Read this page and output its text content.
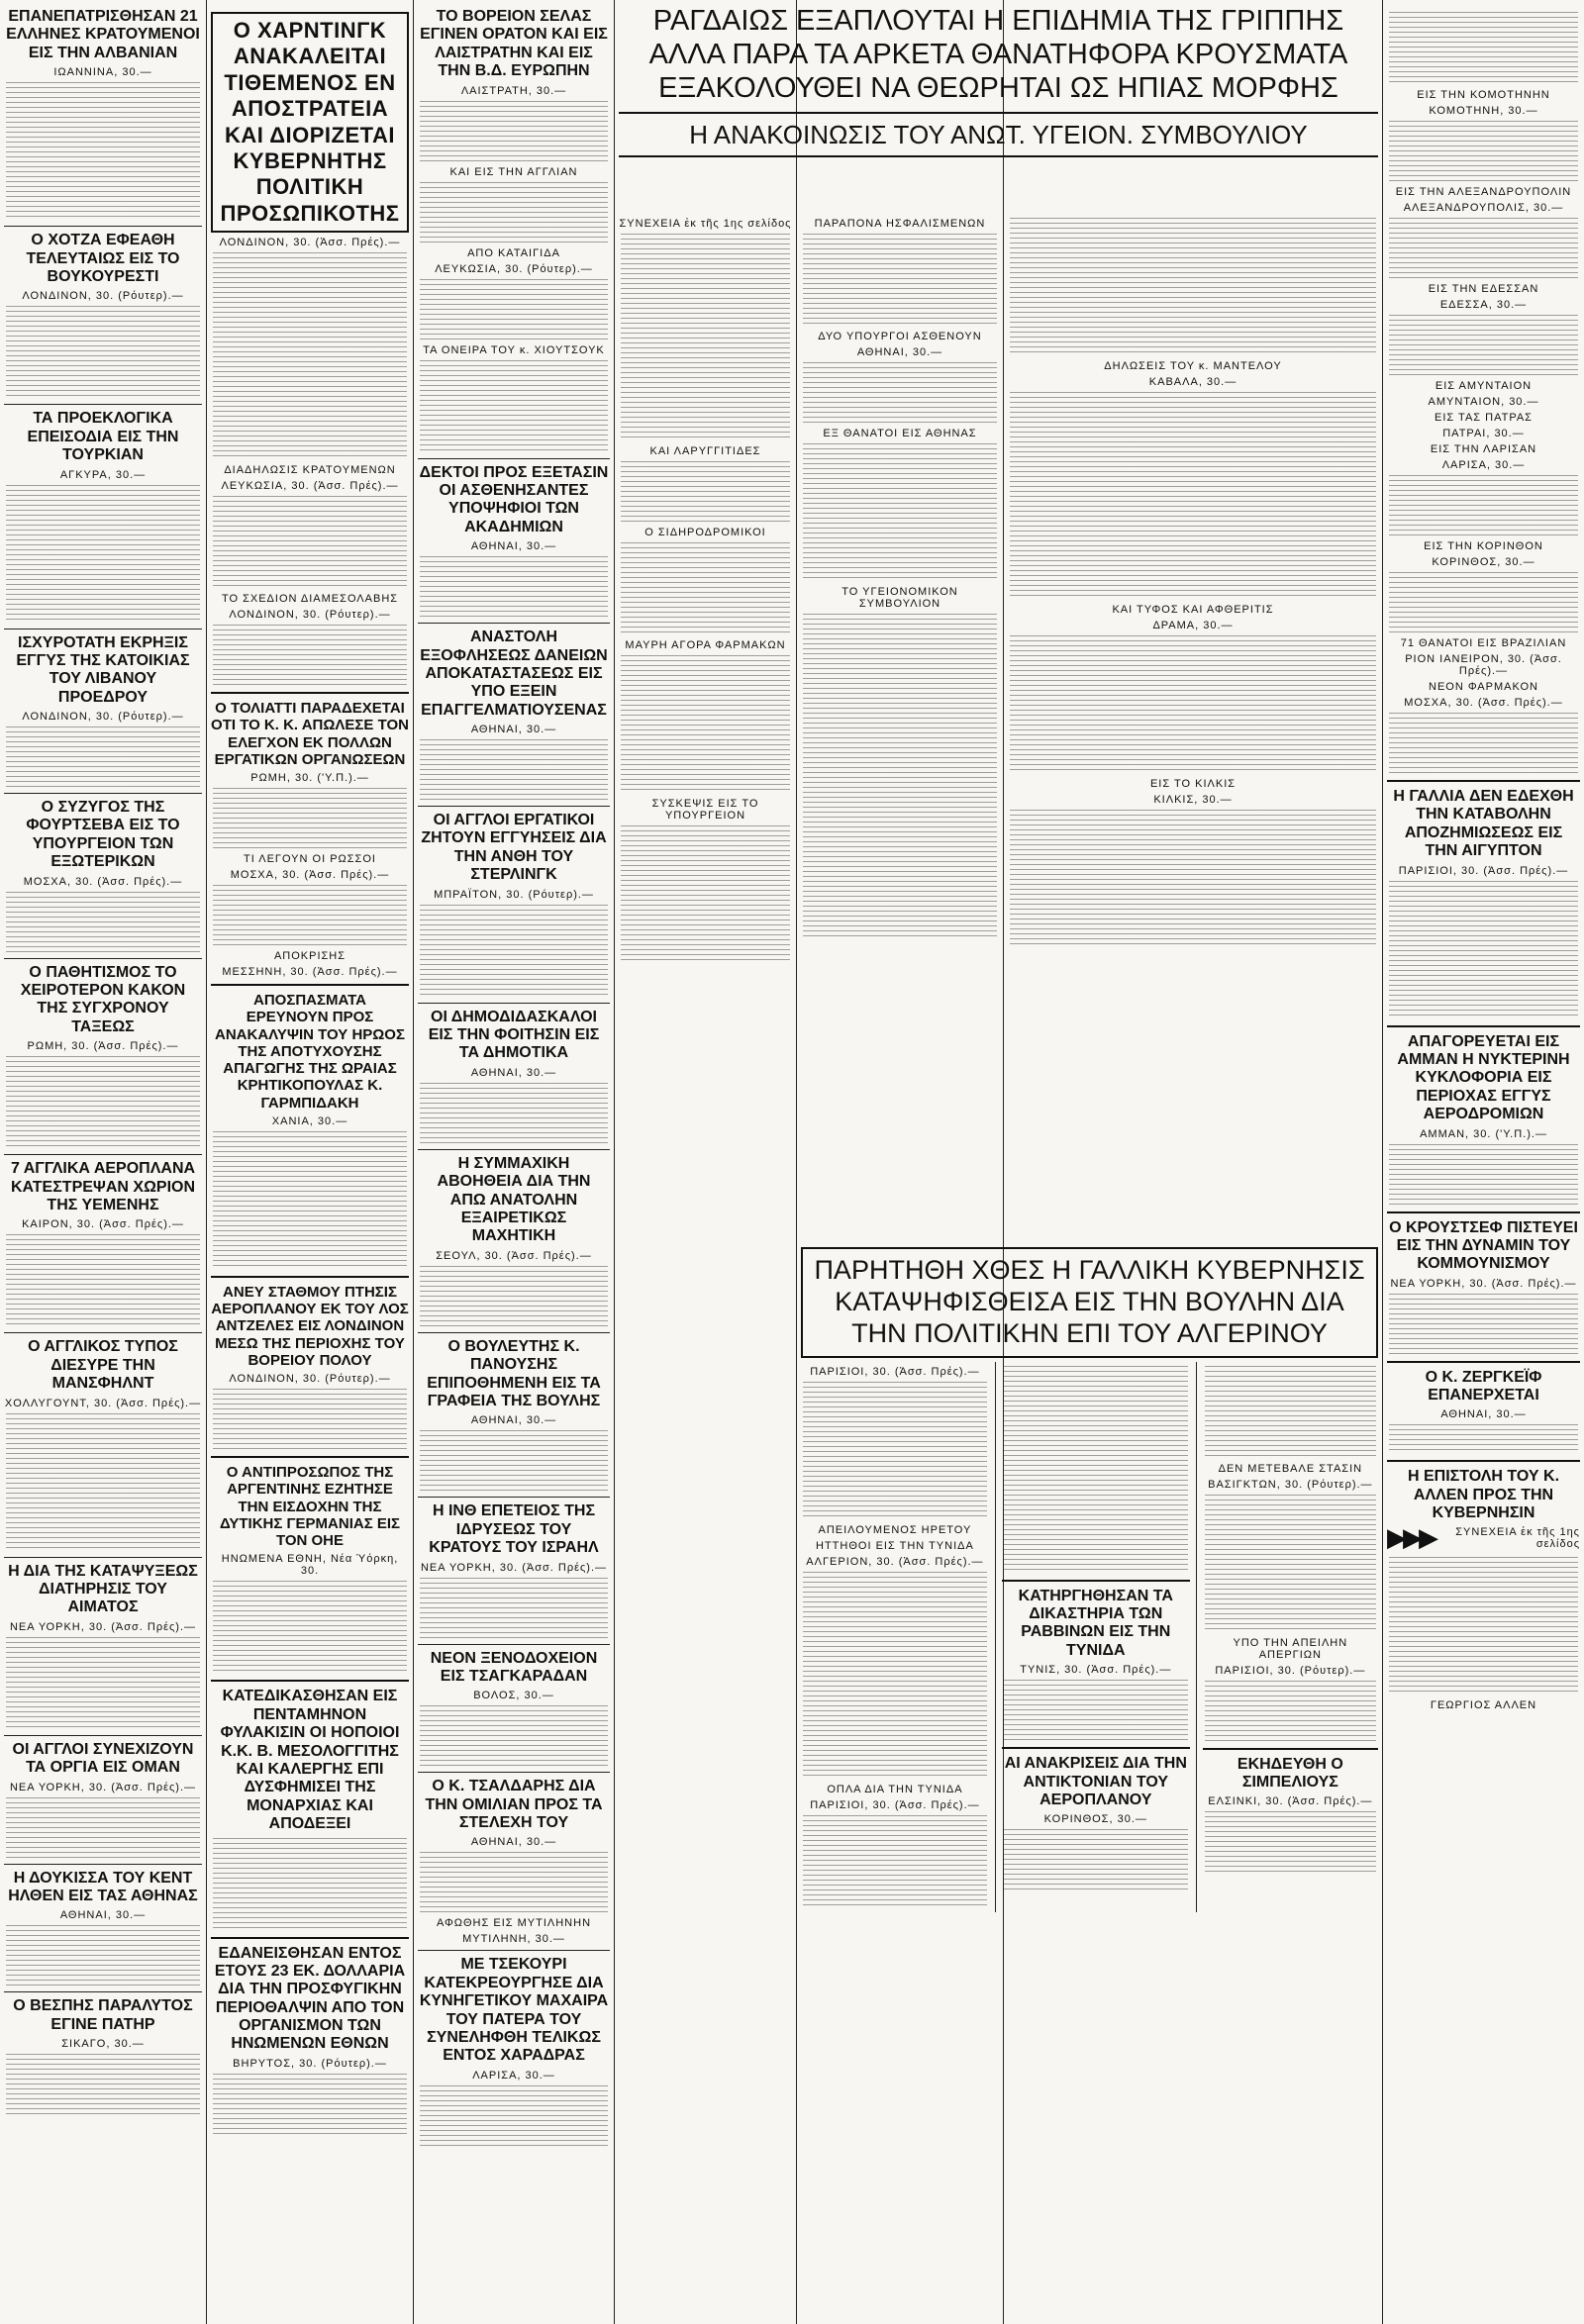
ΕΠΑΝΕΠΑΤΡΙΣΘΗΣΑΝ 21 ΕΛΛΗΝΕΣ ΚΡΑΤΟΥΜΕΝΟΙ ΕΙΣ ΤΗΝ ΑΛΒΑΝΙΑΝ
ΙΩΑΝΝΙΝΑ, 30.—
Ο ΧΟΤΖΑ ΕΦΕΑΘΗ ΤΕΛΕΥΤΑΙΩΣ ΕΙΣ ΤΟ ΒΟΥΚΟΥΡΕΣΤΙ
ΛΟΝΔΙΝΟΝ, 30. (Ρόυτερ).—
ΤΑ ΠΡΟΕΚΛΟΓΙΚΑ ΕΠΕΙΣΟΔΙΑ ΕΙΣ ΤΗΝ ΤΟΥΡΚΙΑΝ
ΑΓΚΥΡΑ, 30.—
ΙΣΧΥΡΟΤΑΤΗ ΕΚΡΗΞΙΣ ΕΓΓΥΣ ΤΗΣ ΚΑΤΟΙΚΙΑΣ ΤΟΥ ΛΙΒΑΝΟΥ ΠΡΟΕΔΡΟΥ
ΛΟΝΔΙΝΟΝ, 30. (Ρόυτερ).—
Ο ΣΥΖΥΓΟΣ ΤΗΣ ΦΟΥΡΤΣΕΒΑ ΕΙΣ ΤΟ ΥΠΟΥΡΓΕΙΟΝ ΤΩΝ ΕΞΩΤΕΡΙΚΩΝ
ΜΟΣΧΑ, 30. (Ἀσσ. Πρές).—
Ο ΠΑΘΗΤΙΣΜΟΣ ΤΟ ΧΕΙΡΟΤΕΡΟΝ ΚΑΚΟΝ ΤΗΣ ΣΥΓΧΡΟΝΟΥ ΤΑΞΕΩΣ
ΡΩΜΗ, 30. (Ἀσσ. Πρές).—
7 ΑΓΓΛΙΚΑ ΑΕΡΟΠΛΑΝΑ ΚΑΤΕΣΤΡΕΨΑΝ ΧΩΡΙΟΝ ΤΗΣ ΥΕΜΕΝΗΣ
ΚΑΙΡΟΝ, 30. (Ἀσσ. Πρές).—
Ο ΑΓΓΛΙΚΟΣ ΤΥΠΟΣ ΔΙΕΣΥΡΕ ΤΗΝ ΜΑΝΣΦΗΛΝΤ
ΧΟΛΛΥΓΟΥΝΤ, 30. (Ἀσσ. Πρές).—
Η ΔΙΑ ΤΗΣ ΚΑΤΑΨΥΞΕΩΣ ΔΙΑΤΗΡΗΣΙΣ ΤΟΥ ΑΙΜΑΤΟΣ
ΝΕΑ ΥΟΡΚΗ, 30. (Ἀσσ. Πρές).—
ΟΙ ΑΓΓΛΟΙ ΣΥΝΕΧΙΖΟΥΝ ΤΑ ΟΡΓΙΑ ΕΙΣ ΟΜΑΝ
ΝΕΑ ΥΟΡΚΗ, 30. (Ἀσσ. Πρές).—
Η ΔΟΥΚΙΣΣΑ ΤΟΥ ΚΕΝΤ ΗΛΘΕΝ ΕΙΣ ΤΑΣ ΑΘΗΝΑΣ
ΑΘΗΝΑΙ, 30.—
Ο ΒΕΣΠΗΣ ΠΑΡΑΛΥΤΟΣ ΕΓΙΝΕ ΠΑΤΗΡ
ΣΙΚΑΓΟ, 30.—
Ο ΧΑΡΝΤΙΝΓΚ ΑΝΑΚΑΛΕΙΤΑΙ ΤΙΘΕΜΕΝΟΣ ΕΝ ΑΠΟΣΤΡΑΤΕΙΑ ΚΑΙ ΔΙΟΡΙΖΕΤΑΙ ΚΥΒΕΡΝΗΤΗΣ ΠΟΛΙΤΙΚΗ ΠΡΟΣΩΠΙΚΟΤΗΣ
ΛΟΝΔΙΝΟΝ, 30. (Ἀσσ. Πρές).—
ΔΙΑΔΗΛΩΣΙΣ ΚΡΑΤΟΥΜΕΝΩΝ
ΛΕΥΚΩΣΙΑ, 30. (Ἀσσ. Πρές).—
ΤΟ ΣΧΕΔΙΟΝ ΔΙΑΜΕΣΟΛΑΒΗΣ
ΛΟΝΔΙΝΟΝ, 30. (Ρόυτερ).—
Ο ΤΟΛΙΑΤΤΙ ΠΑΡΑΔΕΧΕΤΑΙ ΟΤΙ ΤΟ Κ. Κ. ΑΠΩΛΕΣΕ ΤΟΝ ΕΛΕΓΧΟΝ ΕΚ ΠΟΛΛΩΝ ΕΡΓΑΤΙΚΩΝ ΟΡΓΑΝΩΣΕΩΝ
ΡΩΜΗ, 30. ('Υ.Π.).—
ΤΙ ΛΕΓΟΥΝ ΟΙ ΡΩΣΣΟΙ
ΜΟΣΧΑ, 30. (Ἀσσ. Πρές).—
ΑΠΟΚΡΙΣΗΣ
ΜΕΣΣΗΝΗ, 30. (Ἀσσ. Πρές).—
ΑΠΟΣΠΑΣΜΑΤΑ ΕΡΕΥΝΟΥΝ ΠΡΟΣ ΑΝΑΚΑΛΥΨΙΝ ΤΟΥ ΗΡΩΟΣ ΤΗΣ ΑΠΟΤΥΧΟΥΣΗΣ ΑΠΑΓΩΓΗΣ ΤΗΣ ΩΡΑΙΑΣ ΚΡΗΤΙΚΟΠΟΥΛΑΣ Κ. ΓΑΡΜΠΙΔΑΚΗ
ΧΑΝΙΑ, 30.—
ΑΝΕΥ ΣΤΑΘΜΟΥ ΠΤΗΣΙΣ ΑΕΡΟΠΛΑΝΟΥ ΕΚ ΤΟΥ ΛΟΣ ΑΝΤΖΕΛΕΣ ΕΙΣ ΛΟΝΔΙΝΟΝ ΜΕΣΩ ΤΗΣ ΠΕΡΙΟΧΗΣ ΤΟΥ ΒΟΡΕΙΟΥ ΠΟΛΟΥ
ΛΟΝΔΙΝΟΝ, 30. (Ρόυτερ).—
Ο ΑΝΤΙΠΡΟΣΩΠΟΣ ΤΗΣ ΑΡΓΕΝΤΙΝΗΣ ΕΖΗΤΗΣΕ ΤΗΝ ΕΙΣΔΟΧΗΝ ΤΗΣ ΔΥΤΙΚΗΣ ΓΕΡΜΑΝΙΑΣ ΕΙΣ ΤΟΝ ΟΗΕ
ΗΝΩΜΕΝΑ ΕΘΝΗ, Νέα Ὑόρκη, 30.
ΚΑΤΕΔΙΚΑΣΘΗΣΑΝ ΕΙΣ ΠΕΝΤΑΜΗΝΟΝ ΦΥΛΑΚΙΣΙΝ ΟΙ ΗΟΠΟΙΟΙ Κ.Κ. Β. ΜΕΣΟΛΟΓΓΙΤΗΣ ΚΑΙ ΚΑΛΕΡΓΗΣ ΕΠΙ ΔΥΣΦΗΜΙΣΕΙ ΤΗΣ ΜΟΝΑΡΧΙΑΣ ΚΑΙ ΑΠΟΔΕΞΕΙ
ΕΔΑΝΕΙΣΘΗΣΑΝ ΕΝΤΟΣ ΕΤΟΥΣ 23 ΕΚ. ΔΟΛΛΑΡΙΑ ΔΙΑ ΤΗΝ ΠΡΟΣΦΥΓΙΚΗΝ ΠΕΡΙΟΘΑΛΨΙΝ ΑΠΟ ΤΟΝ ΟΡΓΑΝΙΣΜΟΝ ΤΩΝ ΗΝΩΜΕΝΩΝ ΕΘΝΩΝ
ΒΗΡΥΤΟΣ, 30. (Ρόυτερ).—
ΤΟ ΒΟΡΕΙΟΝ ΣΕΛΑΣ ΕΓΙΝΕΝ ΟΡΑΤΟΝ ΚΑΙ ΕΙΣ ΛΑΙΣΤΡΑΤΗΝ ΚΑΙ ΕΙΣ ΤΗΝ Β.Δ. ΕΥΡΩΠΗΝ
ΛΑΙΣΤΡΑΤΗ, 30.—
ΚΑΙ ΕΙΣ ΤΗΝ ΑΓΓΛΙΑΝ
ΑΠΟ ΚΑΤΑΙΓΙΔΑ
ΛΕΥΚΩΣΙΑ, 30. (Ρόυτερ).—
ΤΑ ΟΝΕΙΡΑ ΤΟΥ κ. ΧΙΟΥΤΣΟΥΚ
ΔΕΚΤΟΙ ΠΡΟΣ ΕΞΕΤΑΣΙΝ ΟΙ ΑΣΘΕΝΗΣΑΝΤΕΣ ΥΠΟΨΗΦΙΟΙ ΤΩΝ ΑΚΑΔΗΜΙΩΝ
ΑΘΗΝΑΙ, 30.—
ΑΝΑΣΤΟΛΗ ΕΞΟΦΛΗΣΕΩΣ ΔΑΝΕΙΩΝ ΑΠΟΚΑΤΑΣΤΑΣΕΩΣ ΕΙΣ ΥΠΟ ΕΞΕΙΝ ΕΠΑΓΓΕΛΜΑΤΙΟΥΣΕΝΑΣ
ΑΘΗΝΑΙ, 30.—
ΟΙ ΑΓΓΛΟΙ ΕΡΓΑΤΙΚΟΙ ΖΗΤΟΥΝ ΕΓΓΥΗΣΕΙΣ ΔΙΑ ΤΗΝ ΑΝΘΗ ΤΟΥ ΣΤΕΡΛΙΝΓΚ
ΜΠΡΑΪΤΟΝ, 30. (Ρόυτερ).—
ΟΙ ΔΗΜΟΔΙΔΑΣΚΑΛΟΙ ΕΙΣ ΤΗΝ ΦΟΙΤΗΣΙΝ ΕΙΣ ΤΑ ΔΗΜΟΤΙΚΑ
ΑΘΗΝΑΙ, 30.—
Η ΣΥΜΜΑΧΙΚΗ ΑΒΟΗΘΕΙΑ ΔΙΑ ΤΗΝ ΑΠΩ ΑΝΑΤΟΛΗΝ ΕΞΑΙΡΕΤΙΚΩΣ ΜΑΧΗΤΙΚΗ
ΣΕΟΥΛ, 30. (Ἀσσ. Πρές).—
Ο ΒΟΥΛΕΥΤΗΣ Κ. ΠΑΝΟΥΣΗΣ ΕΠΙΠΟΘΗΜΕΝΗ ΕΙΣ ΤΑ ΓΡΑΦΕΙΑ ΤΗΣ ΒΟΥΛΗΣ
ΑΘΗΝΑΙ, 30.—
Η ΙΝΘ ΕΠΕΤΕΙΟΣ ΤΗΣ ΙΔΡΥΣΕΩΣ ΤΟΥ ΚΡΑΤΟΥΣ ΤΟΥ ΙΣΡΑΗΛ
ΝΕΑ ΥΟΡΚΗ, 30. (Ἀσσ. Πρές).—
ΝΕΟΝ ΞΕΝΟΔΟΧΕΙΟΝ ΕΙΣ ΤΣΑΓΚΑΡΑΔΑΝ
ΒΟΛΟΣ, 30.—
Ο Κ. ΤΣΑΛΔΑΡΗΣ ΔΙΑ ΤΗΝ ΟΜΙΛΙΑΝ ΠΡΟΣ ΤΑ ΣΤΕΛΕΧΗ ΤΟΥ
ΑΘΗΝΑΙ, 30.—
ΑΦΩΘΗΣ ΕΙΣ ΜΥΤΙΛΗΝΗΝ
ΜΥΤΙΛΗΝΗ, 30.—
ΜΕ ΤΣΕΚΟΥΡΙ
ΚΑΤΕΚΡΕΟΥΡΓΗΣΕ ΔΙΑ ΚΥΝΗΓΕΤΙΚΟΥ ΜΑΧΑΙΡΑ ΤΟΥ ΠΑΤΕΡΑ ΤΟΥ
ΣΥΝΕΛΗΦΘΗ ΤΕΛΙΚΩΣ ΕΝΤΟΣ ΧΑΡΑΔΡΑΣ
ΛΑΡΙΣΑ, 30.—
ΡΑΓΔΑΙΩΣ ΕΞΑΠΛΟΥΤΑΙ Η ΕΠΙΔΗΜΙΑ ΤΗΣ ΓΡΙΠΠΗΣ ΑΛΛΑ ΠΑΡΑ ΤΑ ΑΡΚΕΤΑ ΘΑΝΑΤΗΦΟΡΑ ΚΡΟΥΣΜΑΤΑ ΕΞΑΚΟΛΟΥΘΕΙ ΝΑ ΘΕΩΡΗΤΑΙ ΩΣ ΗΠΙΑΣ ΜΟΡΦΗΣ
Η ΑΝΑΚΟΙΝΩΣΙΣ ΤΟΥ ΑΝΩΤ. ΥΓΕΙΟΝ. ΣΥΜΒΟΥΛΙΟΥ
ΣΥΝΕΧΕΙΑ ἐκ τῆς 1ης σελίδος
ΚΑΙ ΛΑΡΥΓΓΙΤΙΔΕΣ
Ο ΣΙΔΗΡΟΔΡΟΜΙΚΟΙ
ΜΑΥΡΗ ΑΓΟΡΑ ΦΑΡΜΑΚΩΝ
ΣΥΣΚΕΨΙΣ ΕΙΣ ΤΟ ΥΠΟΥΡΓΕΙΟΝ
ΠΑΡΑΠΟΝΑ ΗΣΦΑΛΙΣΜΕΝΩΝ
ΔΥΟ ΥΠΟΥΡΓΟΙ ΑΣΘΕΝΟΥΝ
ΑΘΗΝΑΙ, 30.—
ΕΞ ΘΑΝΑΤΟΙ ΕΙΣ ΑΘΗΝΑΣ
ΤΟ ΥΓΕΙΟΝΟΜΙΚΟΝ ΣΥΜΒΟΥΛΙΟΝ
ΔΗΛΩΣΕΙΣ ΤΟΥ κ. ΜΑΝΤΕΛΟΥ
ΚΑΒΑΛΑ, 30.—
ΚΑΙ ΤΥΦΟΣ ΚΑΙ ΑΦΘΕΡΙΤΙΣ
ΔΡΑΜΑ, 30.—
ΕΙΣ ΤΟ ΚΙΛΚΙΣ
ΚΙΛΚΙΣ, 30.—
ΠΑΡΗΤΗΘΗ ΧΘΕΣ Η ΓΑΛΛΙΚΗ ΚΥΒΕΡΝΗΣΙΣ ΚΑΤΑΨΗΦΙΣΘΕΙΣΑ ΕΙΣ ΤΗΝ ΒΟΥΛΗΝ ΔΙΑ ΤΗΝ ΠΟΛΙΤΙΚΗΝ ΕΠΙ ΤΟΥ ΑΛΓΕΡΙΝΟΥ
ΠΑΡΙΣΙΟΙ, 30. (Ἀσσ. Πρές).—
ΑΠΕΙΛΟΥΜΕΝΟΣ ΗΡΕΤΟΥ
ΗΤΤΗΘΟΙ ΕΙΣ ΤΗΝ ΤΥΝΙΔΑ
ΑΛΓΕΡΙΟΝ, 30. (Ἀσσ. Πρές).—
ΟΠΛΑ ΔΙΑ ΤΗΝ ΤΥΝΙΔΑ
ΠΑΡΙΣΙΟΙ, 30. (Ἀσσ. Πρές).—
ΚΑΤΗΡΓΗΘΗΣΑΝ ΤΑ ΔΙΚΑΣΤΗΡΙΑ ΤΩΝ ΡΑΒΒΙΝΩΝ ΕΙΣ ΤΗΝ ΤΥΝΙΔΑ
ΤΥΝΙΣ, 30. (Ἀσσ. Πρές).—
ΑΙ ΑΝΑΚΡΙΣΕΙΣ ΔΙΑ ΤΗΝ ΑΝΤΙΚΤΟΝΙΑΝ ΤΟΥ ΑΕΡΟΠΛΑΝΟΥ
ΚΟΡΙΝΘΟΣ, 30.—
ΔΕΝ ΜΕΤΕΒΑΛΕ ΣΤΑΣΙΝ
ΒΑΣΙΓΚΤΩΝ, 30. (Ρόυτερ).—
ΥΠΟ ΤΗΝ ΑΠΕΙΛΗΝ ΑΠΕΡΓΙΩΝ
ΠΑΡΙΣΙΟΙ, 30. (Ρόυτερ).—
ΕΚΗΔΕΥΘΗ Ο ΣΙΜΠΕΛΙΟΥΣ
ΕΛΣΙΝΚΙ, 30. (Ἀσσ. Πρές).—
ΕΙΣ ΤΗΝ ΚΟΜΟΤΗΝΗΝ
ΚΟΜΟΤΗΝΗ, 30.—
ΕΙΣ ΤΗΝ ΑΛΕΞΑΝΔΡΟΥΠΟΛΙΝ
ΑΛΕΞΑΝΔΡΟΥΠΟΛΙΣ, 30.—
ΕΙΣ ΤΗΝ ΕΔΕΣΣΑΝ
ΕΔΕΣΣΑ, 30.—
ΕΙΣ ΑΜΥΝΤΑΙΟΝ
ΑΜΥΝΤΑΙΟΝ, 30.—
ΕΙΣ ΤΑΣ ΠΑΤΡΑΣ
ΠΑΤΡΑΙ, 30.—
ΕΙΣ ΤΗΝ ΛΑΡΙΣΑΝ
ΛΑΡΙΣΑ, 30.—
ΕΙΣ ΤΗΝ ΚΟΡΙΝΘΟΝ
ΚΟΡΙΝΘΟΣ, 30.—
71 ΘΑΝΑΤΟΙ ΕΙΣ ΒΡΑΖΙΛΙΑΝ
ΡΙΟΝ ΙΑΝΕΙΡΟΝ, 30. (Ἀσσ. Πρές).—
ΝΕΟΝ ΦΑΡΜΑΚΟΝ
ΜΟΣΧΑ, 30. (Ἀσσ. Πρές).—
Η ΓΑΛΛΙΑ ΔΕΝ ΕΔΕΧΘΗ ΤΗΝ ΚΑΤΑΒΟΛΗΝ ΑΠΟΖΗΜΙΩΣΕΩΣ ΕΙΣ ΤΗΝ ΑΙΓΥΠΤΟΝ
ΠΑΡΙΣΙΟΙ, 30. (Ἀσσ. Πρές).—
ΑΠΑΓΟΡΕΥΕΤΑΙ ΕΙΣ ΑΜΜΑΝ Η ΝΥΚΤΕΡΙΝΗ ΚΥΚΛΟΦΟΡΙΑ ΕΙΣ ΠΕΡΙΟΧΑΣ ΕΓΓΥΣ ΑΕΡΟΔΡΟΜΙΩΝ
ΑΜΜΑΝ, 30. ('Υ.Π.).—
Ο ΚΡΟΥΣΤΣΕΦ ΠΙΣΤΕΥΕΙ ΕΙΣ ΤΗΝ ΔΥΝΑΜΙΝ ΤΟΥ ΚΟΜΜΟΥΝΙΣΜΟΥ
ΝΕΑ ΥΟΡΚΗ, 30. (Ἀσσ. Πρές).—
Ο Κ. ΖΕΡΓΚΕΪΦ ΕΠΑΝΕΡΧΕΤΑΙ
ΑΘΗΝΑΙ, 30.—
Η ΕΠΙΣΤΟΛΗ ΤΟΥ Κ. ΑΛΛΕΝ ΠΡΟΣ ΤΗΝ ΚΥΒΕΡΝΗΣΙΝ
▶▶▶	ΣΥΝΕΧΕΙΑ ἐκ τῆς 1ης σελίδος
ΓΕΩΡΓΙΟΣ ΑΛΛΕΝ
